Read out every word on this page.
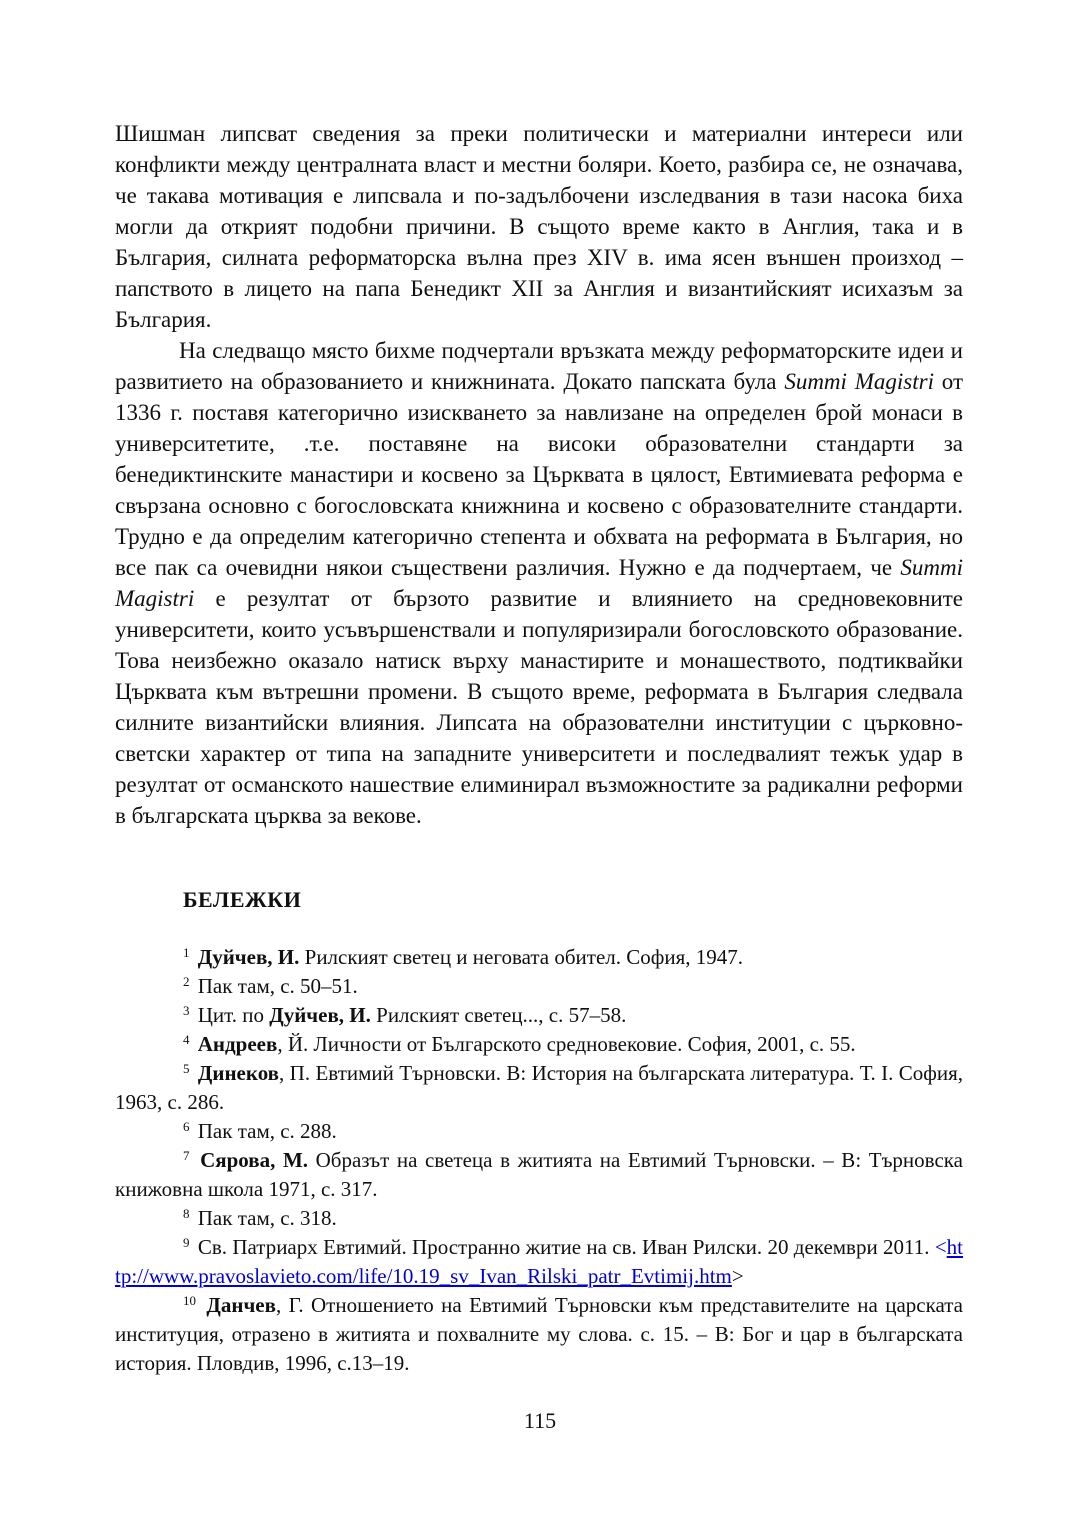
Шишман липсват сведения за преки политически и материални интереси или конфликти между централната власт и местни боляри. Което, разбира се, не означава, че такава мотивация е липсвала и по-задълбочени изследвания в тази насока биха могли да открият подобни причини. В същото време както в Англия, така и в България, силната реформаторска вълна през XIV в. има ясен външен произход – папството в лицето на папа Бенедикт XII за Англия и византийският исихазъм за България.

На следващо място бихме подчертали връзката между реформаторските идеи и развитието на образованието и книжнината. Докато папската була Summi Magistri от 1336 г. поставя категорично изискването за навлизане на определен брой монаси в университетите, .т.е. поставяне на високи образователни стандарти за бенедиктинските манастири и косвено за Църквата в цялост, Евтимиевата реформа е свързана основно с богословската книжнина и косвено с образователните стандарти. Трудно е да определим категорично степента и обхвата на реформата в България, но все пак са очевидни някои съществени различия. Нужно е да подчертаем, че Summi Magistri е резултат от бързото развитие и влиянието на средновековните университети, които усъвършенствали и популяризирали богословското образование. Това неизбежно оказало натиск върху манастирите и монашеството, подтиквайки Църквата към вътрешни промени. В същото време, реформата в България следвала силните византийски влияния. Липсата на образователни институции с църковно-светски характер от типа на западните университети и последвалият тежък удар в резултат от османското нашествие елиминирал възможностите за радикални реформи в българската църква за векове.

БЕЛЕЖКИ

$^1$ Дуйчев, И. Рилският светец и неговата обител. София, 1947.

$^2$ Пак там, с. 50–51.

$^3$ Цит. по Дуйчев, И. Рилският светец..., с. 57–58.

$^4$ Андреев, Й. Личности от Българското средновековие. София, 2001, с. 55.

$^5$ Динеков, П. Евтимий Търновски. В: История на българската литература. Т. I. София, 1963, с. 286.

$^6$ Пак там, с. 288.

$^7$ Сярова, М. Образът на светеца в житията на Евтимий Търновски. – В: Търновска книжовна школа 1971, с. 317.

$^8$ Пак там, с. 318.

$^9$ Св. Патриарх Евтимий. Пространно житие на св. Иван Рилски. 20 декември 2011. <http://www.pravoslavieto.com/life/10.19_sv_Ivan_Rilski_patr_Evtimij.htm>

$^{10}$ Данчев, Г. Отношението на Евтимий Търновски към представителите на царската институция, отразено в житията и похвалните му слова. с. 15. – В: Бог и цар в българската история. Пловдив, 1996, с.13–19.

115
